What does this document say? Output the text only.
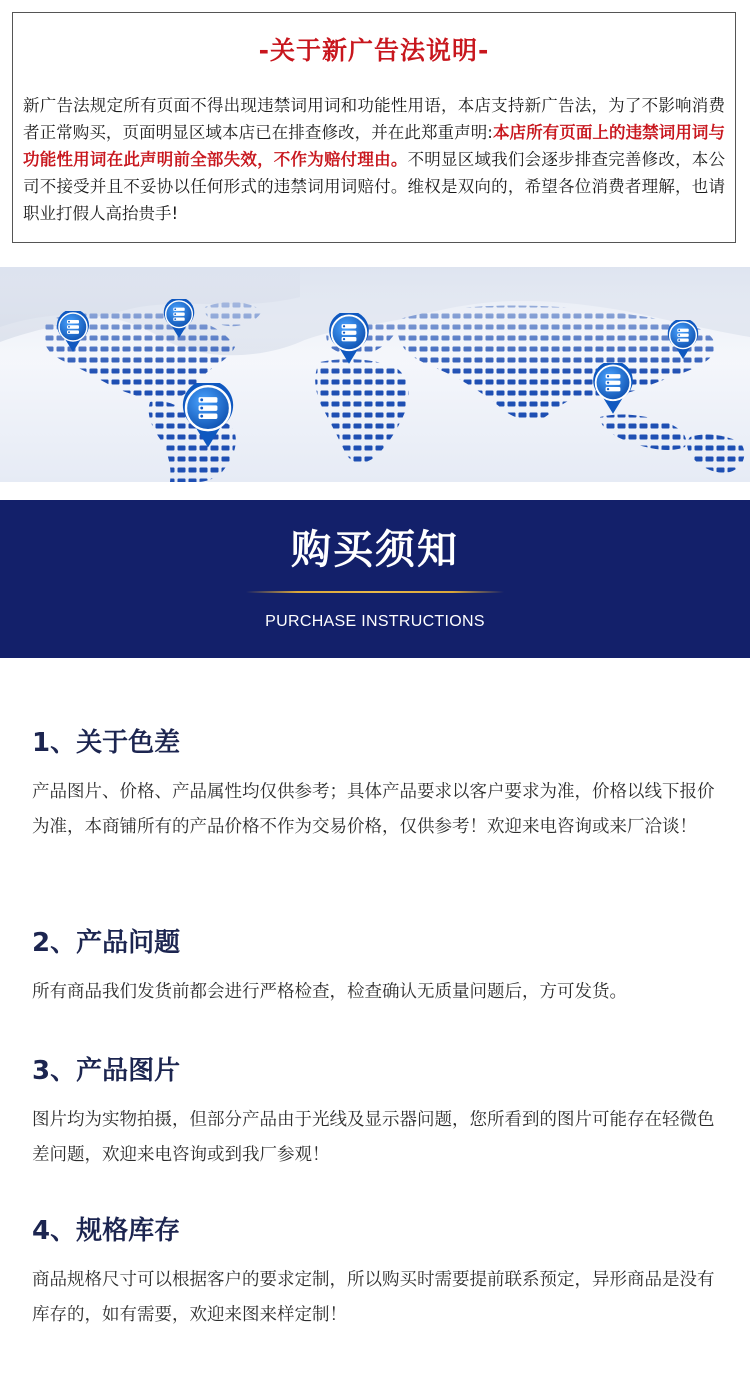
-关于新广告法说明-
新广告法规定所有页面不得出现违禁词用词和功能性用语，本店支持新广告法，为了不影响消费者正常购买，页面明显区域本店已在排查修改，并在此郑重声明:本店所有页面上的违禁词用词与功能性用词在此声明前全部失效，不作为赔付理由。不明显区域我们会逐步排查完善修改，本公司不接受并且不妥协以任何形式的违禁词用词赔付。维权是双向的，希望各位消费者理解，也请职业打假人高抬贵手!
购买须知
PURCHASE INSTRUCTIONS
1、关于色差
产品图片、价格、产品属性均仅供参考；具体产品要求以客户要求为准，价格以线下报价为准，本商铺所有的产品价格不作为交易价格，仅供参考！欢迎来电咨询或来厂洽谈！
2、产品问题
所有商品我们发货前都会进行严格检查，检查确认无质量问题后，方可发货。
3、产品图片
图片均为实物拍摄，但部分产品由于光线及显示器问题，您所看到的图片可能存在轻微色差问题，欢迎来电咨询或到我厂参观！
4、规格库存
商品规格尺寸可以根据客户的要求定制，所以购买时需要提前联系预定，异形商品是没有库存的，如有需要，欢迎来图来样定制！
